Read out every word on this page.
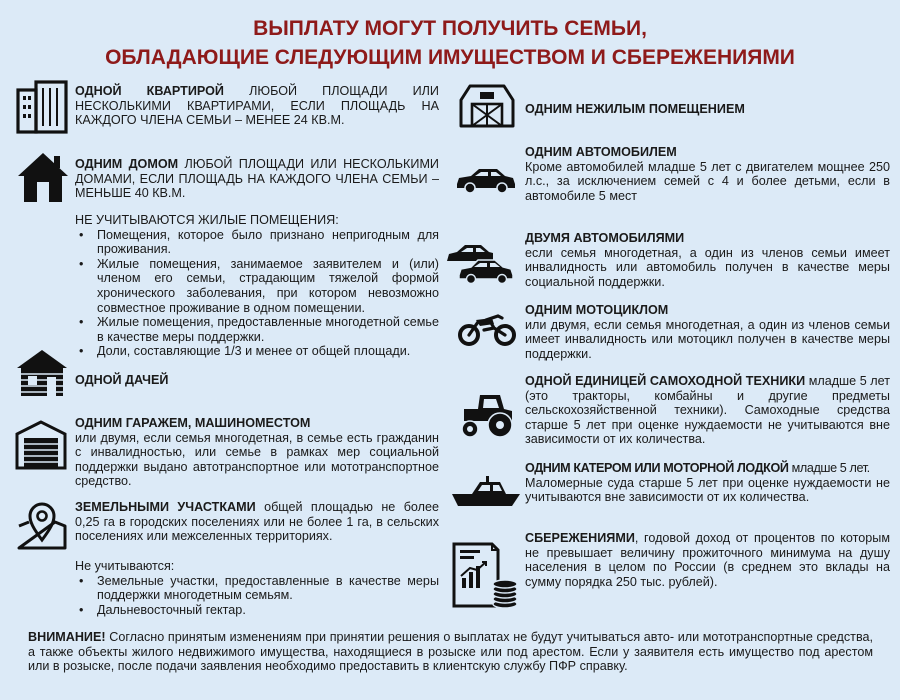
ВЫПЛАТУ МОГУТ ПОЛУЧИТЬ СЕМЬИ,
ОБЛАДАЮЩИЕ СЛЕДУЮЩИМ ИМУЩЕСТВОМ И СБЕРЕЖЕНИЯМИ
ОДНОЙ КВАРТИРОЙ ЛЮБОЙ ПЛОЩАДИ ИЛИ НЕСКОЛЬКИМИ КВАРТИРАМИ, ЕСЛИ ПЛОЩАДЬ НА КАЖДОГО ЧЛЕНА СЕМЬИ – МЕНЕЕ 24 КВ.М.
ОДНИМ ДОМОМ ЛЮБОЙ ПЛОЩАДИ ИЛИ НЕСКОЛЬКИМИ ДОМАМИ, ЕСЛИ ПЛОЩАДЬ НА КАЖДОГО ЧЛЕНА СЕМЬИ – МЕНЬШЕ 40 КВ.М.
НЕ УЧИТЫВАЮТСЯ ЖИЛЫЕ ПОМЕЩЕНИЯ:
• Помещения, которое было признано непригодным для проживания.
• Жилые помещения, занимаемое заявителем и (или) членом его семьи, страдающим тяжелой формой хронического заболевания, при котором невозможно совместное проживание в одном помещении.
• Жилые помещения, предоставленные многодетной семье в качестве меры поддержки.
• Доли, составляющие 1/3 и менее от общей площади.
ОДНОЙ ДАЧЕЙ
ОДНИМ ГАРАЖЕМ, МАШИНОМЕСТОМ
или двумя, если семья многодетная, в семье есть гражданин с инвалидностью, или семье в рамках мер социальной поддержки выдано автотранспортное или мототранспортное средство.
ЗЕМЕЛЬНЫМИ УЧАСТКАМИ общей площадью не более 0,25 га в городских поселениях или не более 1 га, в сельских поселениях или межселенных территориях.
Не учитываются:
• Земельные участки, предоставленные в качестве меры поддержки многодетным семьям.
• Дальневосточный гектар.
ОДНИМ НЕЖИЛЫМ ПОМЕЩЕНИЕМ
ОДНИМ АВТОМОБИЛЕМ
Кроме автомобилей младше 5 лет с двигателем мощнее 250 л.с., за исключением семей с 4 и более детьми, если в автомобиле 5 мест
ДВУМЯ АВТОМОБИЛЯМИ
если семья многодетная, а один из членов семьи имеет инвалидность или автомобиль получен в качестве меры социальной поддержки.
ОДНИМ МОТОЦИКЛОМ
или двумя, если семья многодетная, а один из членов семьи имеет инвалидность или мотоцикл получен в качестве меры поддержки.
ОДНОЙ ЕДИНИЦЕЙ САМОХОДНОЙ ТЕХНИКИ младше 5 лет (это тракторы, комбайны и другие предметы сельскохозяйственной техники). Самоходные средства старше 5 лет при оценке нуждаемости не учитываются вне зависимости от их количества.
ОДНИМ КАТЕРОМ ИЛИ МОТОРНОЙ ЛОДКОЙ младше 5 лет.
Маломерные суда старше 5 лет при оценке нуждаемости не учитываются вне зависимости от их количества.
СБЕРЕЖЕНИЯМИ, годовой доход от процентов по которым не превышает величину прожиточного минимума на душу населения в целом по России (в среднем это вклады на сумму порядка 250 тыс. рублей).
ВНИМАНИЕ! Согласно принятым изменениям при принятии решения о выплатах не будут учитываться авто- или мототранспортные средства, а также объекты жилого недвижимого имущества, находящиеся в розыске или под арестом. Если у заявителя есть имущество под арестом или в розыске, после подачи заявления необходимо предоставить в клиентскую службу ПФР справку.
